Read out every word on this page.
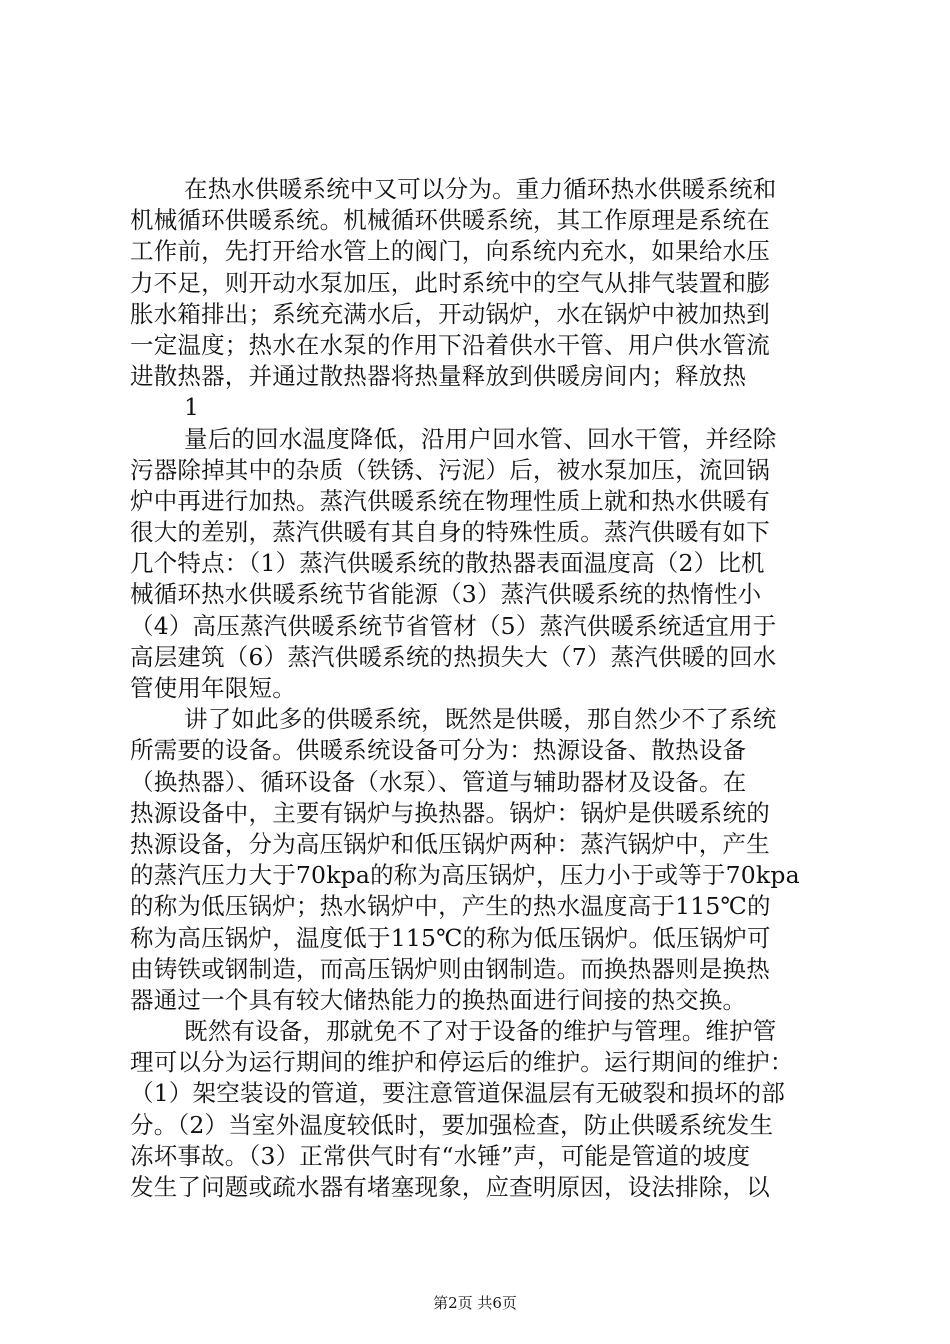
在热水供暖系统中又可以分为。重力循环热水供暖系统和
机械循环供暖系统。机械循环供暖系统，其工作原理是系统在
工作前，先打开给水管上的阀门，向系统内充水，如果给水压
力不足，则开动水泵加压，此时系统中的空气从排气装置和膨
胀水箱排出；系统充满水后，开动锅炉，水在锅炉中被加热到
一定温度；热水在水泵的作用下沿着供水干管、用户供水管流
进散热器，并通过散热器将热量释放到供暖房间内；释放热
1
量后的回水温度降低，沿用户回水管、回水干管，并经除
污器除掉其中的杂质（铁锈、污泥）后，被水泵加压，流回锅
炉中再进行加热。蒸汽供暖系统在物理性质上就和热水供暖有
很大的差别，蒸汽供暖有其自身的特殊性质。蒸汽供暖有如下
几个特点：（1）蒸汽供暖系统的散热器表面温度高（2）比机
械循环热水供暖系统节省能源（3）蒸汽供暖系统的热惰性小
（4）高压蒸汽供暖系统节省管材（5）蒸汽供暖系统适宜用于
高层建筑（6）蒸汽供暖系统的热损失大（7）蒸汽供暖的回水
管使用年限短。
讲了如此多的供暖系统，既然是供暖，那自然少不了系统
所需要的设备。供暖系统设备可分为：热源设备、散热设备
（换热器）、循环设备（水泵）、管道与辅助器材及设备。在
热源设备中，主要有锅炉与换热器。锅炉：锅炉是供暖系统的
热源设备，分为高压锅炉和低压锅炉两种：蒸汽锅炉中，产生
的蒸汽压力大于70kpa的称为高压锅炉，压力小于或等于70kpa
的称为低压锅炉；热水锅炉中，产生的热水温度高于115℃的
称为高压锅炉，温度低于115℃的称为低压锅炉。低压锅炉可
由铸铁或钢制造，而高压锅炉则由钢制造。而换热器则是换热
器通过一个具有较大储热能力的换热面进行间接的热交换。
既然有设备，那就免不了对于设备的维护与管理。维护管
理可以分为运行期间的维护和停运后的维护。运行期间的维护：
（1）架空装设的管道，要注意管道保温层有无破裂和损坏的部
分。（2）当室外温度较低时，要加强检查，防止供暖系统发生
冻坏事故。（3）正常供气时有“水锤”声，可能是管道的坡度
发生了问题或疏水器有堵塞现象，应查明原因，设法排除，以
第2页 共6页
